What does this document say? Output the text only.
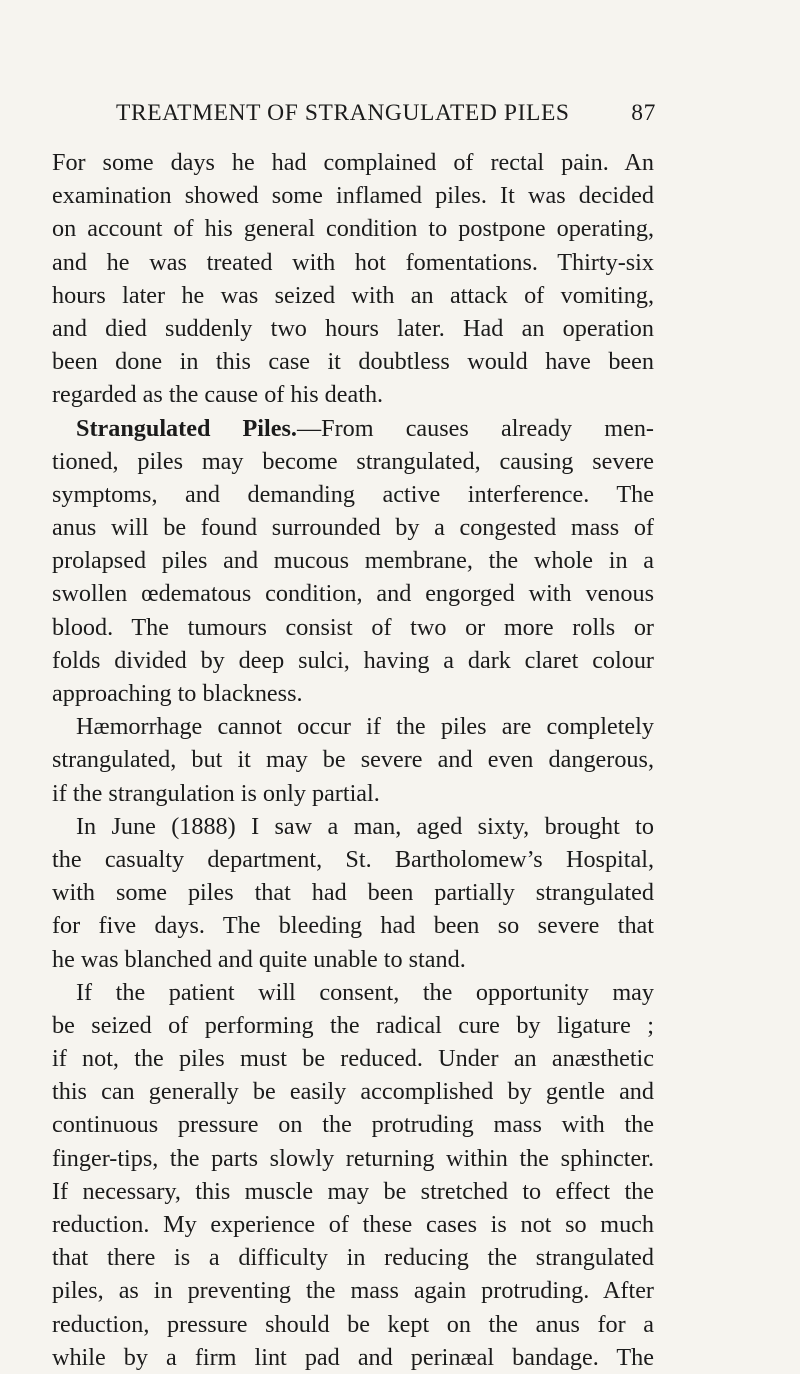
TREATMENT OF STRANGULATED PILES	87
For some days he had complained of rectal pain. An
examination showed some inflamed piles. It was decided
on account of his general condition to postpone operating,
and he was treated with hot fomentations. Thirty-six
hours later he was seized with an attack of vomiting,
and died suddenly two hours later. Had an operation
been done in this case it doubtless would have been
regarded as the cause of his death.
Strangulated Piles.—From causes already men-
tioned, piles may become strangulated, causing severe
symptoms, and demanding active interference. The
anus will be found surrounded by a congested mass of
prolapsed piles and mucous membrane, the whole in a
swollen œdematous condition, and engorged with venous
blood. The tumours consist of two or more rolls or
folds divided by deep sulci, having a dark claret colour
approaching to blackness.
Hæmorrhage cannot occur if the piles are completely
strangulated, but it may be severe and even dangerous,
if the strangulation is only partial.
In June (1888) I saw a man, aged sixty, brought to
the casualty department, St. Bartholomew’s Hospital,
with some piles that had been partially strangulated
for five days. The bleeding had been so severe that
he was blanched and quite unable to stand.
If the patient will consent, the opportunity may
be seized of performing the radical cure by ligature ;
if not, the piles must be reduced. Under an anæsthetic
this can generally be easily accomplished by gentle and
continuous pressure on the protruding mass with the
finger-tips, the parts slowly returning within the sphincter.
If necessary, this muscle may be stretched to effect the
reduction. My experience of these cases is not so much
that there is a difficulty in reducing the strangulated
piles, as in preventing the mass again protruding. After
reduction, pressure should be kept on the anus for a
while by a firm lint pad and perinæal bandage. The
